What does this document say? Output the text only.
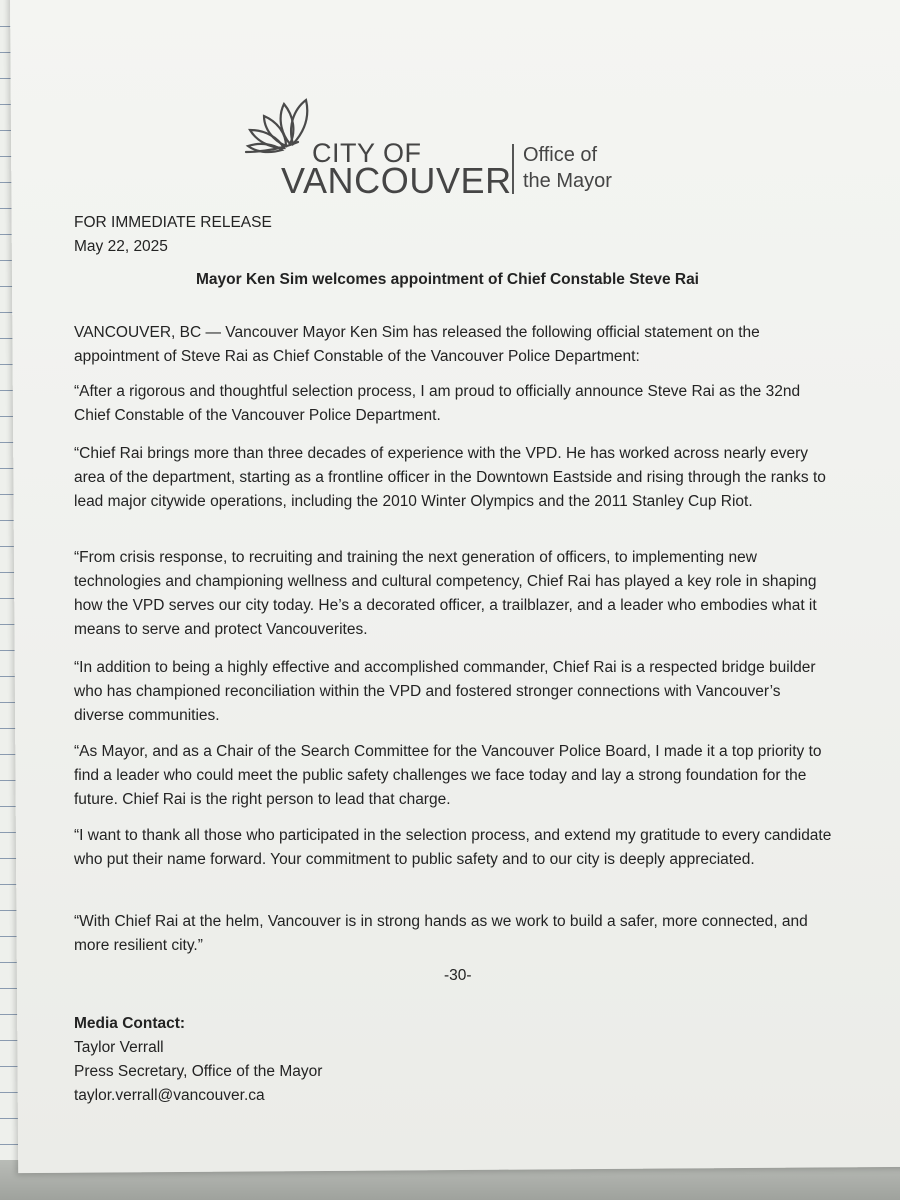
CITY OF
VANCOUVER
Office of
the Mayor
FOR IMMEDIATE RELEASE
May 22, 2025
Mayor Ken Sim welcomes appointment of Chief Constable Steve Rai
VANCOUVER, BC — Vancouver Mayor Ken Sim has released the following official statement on the appointment of Steve Rai as Chief Constable of the Vancouver Police Department:
“After a rigorous and thoughtful selection process, I am proud to officially announce Steve Rai as the 32nd Chief Constable of the Vancouver Police Department.
“Chief Rai brings more than three decades of experience with the VPD. He has worked across nearly every area of the department, starting as a frontline officer in the Downtown Eastside and rising through the ranks to lead major citywide operations, including the 2010 Winter Olympics and the 2011 Stanley Cup Riot.
“From crisis response, to recruiting and training the next generation of officers, to implementing new technologies and championing wellness and cultural competency, Chief Rai has played a key role in shaping how the VPD serves our city today. He’s a decorated officer, a trailblazer, and a leader who embodies what it means to serve and protect Vancouverites.
“In addition to being a highly effective and accomplished commander, Chief Rai is a respected bridge builder who has championed reconciliation within the VPD and fostered stronger connections with Vancouver’s diverse communities.
“As Mayor, and as a Chair of the Search Committee for the Vancouver Police Board, I made it a top priority to find a leader who could meet the public safety challenges we face today and lay a strong foundation for the future. Chief Rai is the right person to lead that charge.
“I want to thank all those who participated in the selection process, and extend my gratitude to every candidate who put their name forward. Your commitment to public safety and to our city is deeply appreciated.
“With Chief Rai at the helm, Vancouver is in strong hands as we work to build a safer, more connected, and more resilient city.”
-30-
Media Contact:
Taylor Verrall
Press Secretary, Office of the Mayor
taylor.verrall@vancouver.ca
